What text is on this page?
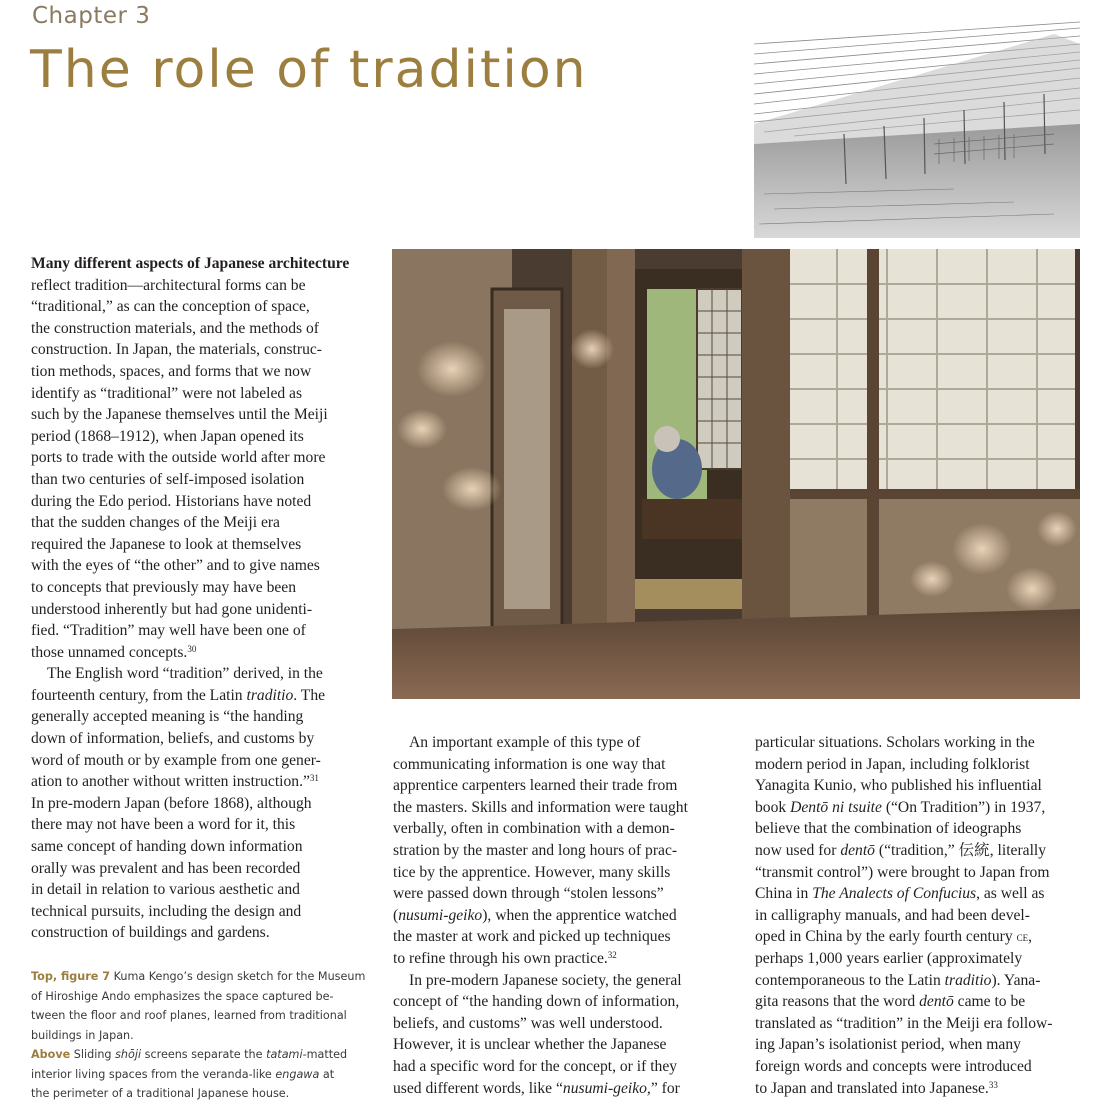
Chapter 3
The role of tradition
Many different aspects of Japanese architecture
reflect tradition—architectural forms can be
“traditional,” as can the conception of space,
the construction materials, and the methods of
construction. In Japan, the materials, construc-
tion methods, spaces, and forms that we now
identify as “traditional” were not labeled as
such by the Japanese themselves until the Meiji
period (1868–1912), when Japan opened its
ports to trade with the outside world after more
than two centuries of self-imposed isolation
during the Edo period. Historians have noted
that the sudden changes of the Meiji era
required the Japanese to look at themselves
with the eyes of “the other” and to give names
to concepts that previously may have been
understood inherently but had gone unidenti-
fied. “Tradition” may well have been one of
those unnamed concepts.$^{30}$
The English word “tradition” derived, in the
fourteenth century, from the Latin traditio. The
generally accepted meaning is “the handing
down of information, beliefs, and customs by
word of mouth or by example from one gener-
ation to another without written instruction.”$^{31}$
In pre-modern Japan (before 1868), although
there may not have been a word for it, this
same concept of handing down information
orally was prevalent and has been recorded
in detail in relation to various aesthetic and
technical pursuits, including the design and
construction of buildings and gardens.
Top, figure 7 Kuma Kengo’s design sketch for the Museum
of Hiroshige Ando emphasizes the space captured be-
tween the floor and roof planes, learned from traditional
buildings in Japan.
Above Sliding shōji screens separate the tatami-matted
interior living spaces from the veranda-like engawa at
the perimeter of a traditional Japanese house.
An important example of this type of
communicating information is one way that
apprentice carpenters learned their trade from
the masters. Skills and information were taught
verbally, often in combination with a demon-
stration by the master and long hours of prac-
tice by the apprentice. However, many skills
were passed down through “stolen lessons”
(nusumi-geiko), when the apprentice watched
the master at work and picked up techniques
to refine through his own practice.$^{32}$
In pre-modern Japanese society, the general
concept of “the handing down of information,
beliefs, and customs” was well understood.
However, it is unclear whether the Japanese
had a specific word for the concept, or if they
used different words, like “nusumi-geiko,” for
particular situations. Scholars working in the
modern period in Japan, including folklorist
Yanagita Kunio, who published his influential
book Dentō ni tsuite (“On Tradition”) in 1937,
believe that the combination of ideographs
now used for dentō (“tradition,” 伝統, literally
“transmit control”) were brought to Japan from
China in The Analects of Confucius, as well as
in calligraphy manuals, and had been devel-
oped in China by the early fourth century ce,
perhaps 1,000 years earlier (approximately
contemporaneous to the Latin traditio). Yana-
gita reasons that the word dentō came to be
translated as “tradition” in the Meiji era follow-
ing Japan’s isolationist period, when many
foreign words and concepts were introduced
to Japan and translated into Japanese.$^{33}$
